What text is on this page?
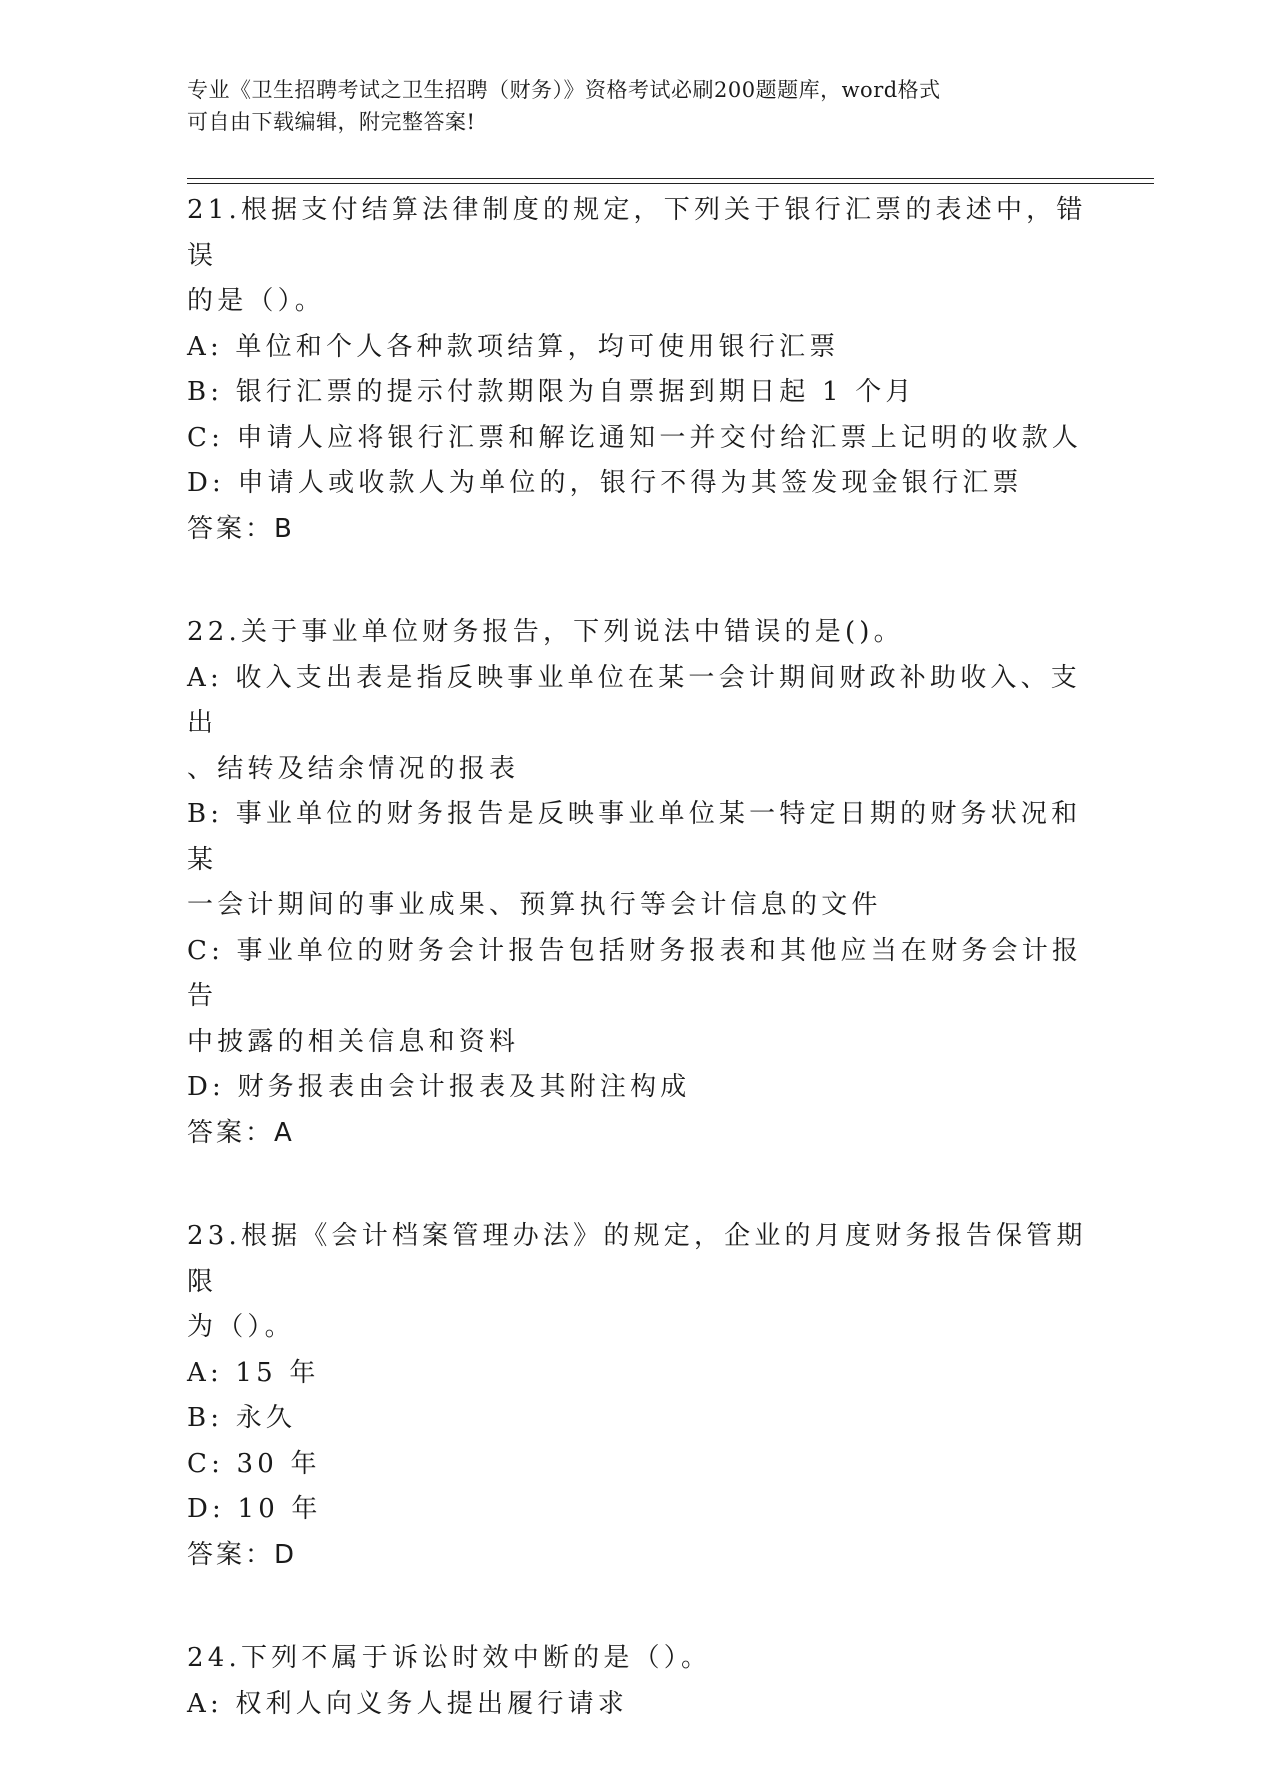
专业《卫生招聘考试之卫生招聘（财务）》资格考试必刷200题题库，word格式
可自由下载编辑，附完整答案!
21.根据支付结算法律制度的规定，下列关于银行汇票的表述中，错误
的是（）。
A: 单位和个人各种款项结算，均可使用银行汇票
B: 银行汇票的提示付款期限为自票据到期日起 1 个月
C: 申请人应将银行汇票和解讫通知一并交付给汇票上记明的收款人
D: 申请人或收款人为单位的，银行不得为其签发现金银行汇票
答案：B
22.关于事业单位财务报告，下列说法中错误的是()。
A: 收入支出表是指反映事业单位在某一会计期间财政补助收入、支出
、结转及结余情况的报表
B: 事业单位的财务报告是反映事业单位某一特定日期的财务状况和某
一会计期间的事业成果、预算执行等会计信息的文件
C: 事业单位的财务会计报告包括财务报表和其他应当在财务会计报告
中披露的相关信息和资料
D: 财务报表由会计报表及其附注构成
答案：A
23.根据《会计档案管理办法》的规定，企业的月度财务报告保管期限
为（）。
A: 15 年
B: 永久
C: 30 年
D: 10 年
答案：D
24.下列不属于诉讼时效中断的是（）。
A: 权利人向义务人提出履行请求
